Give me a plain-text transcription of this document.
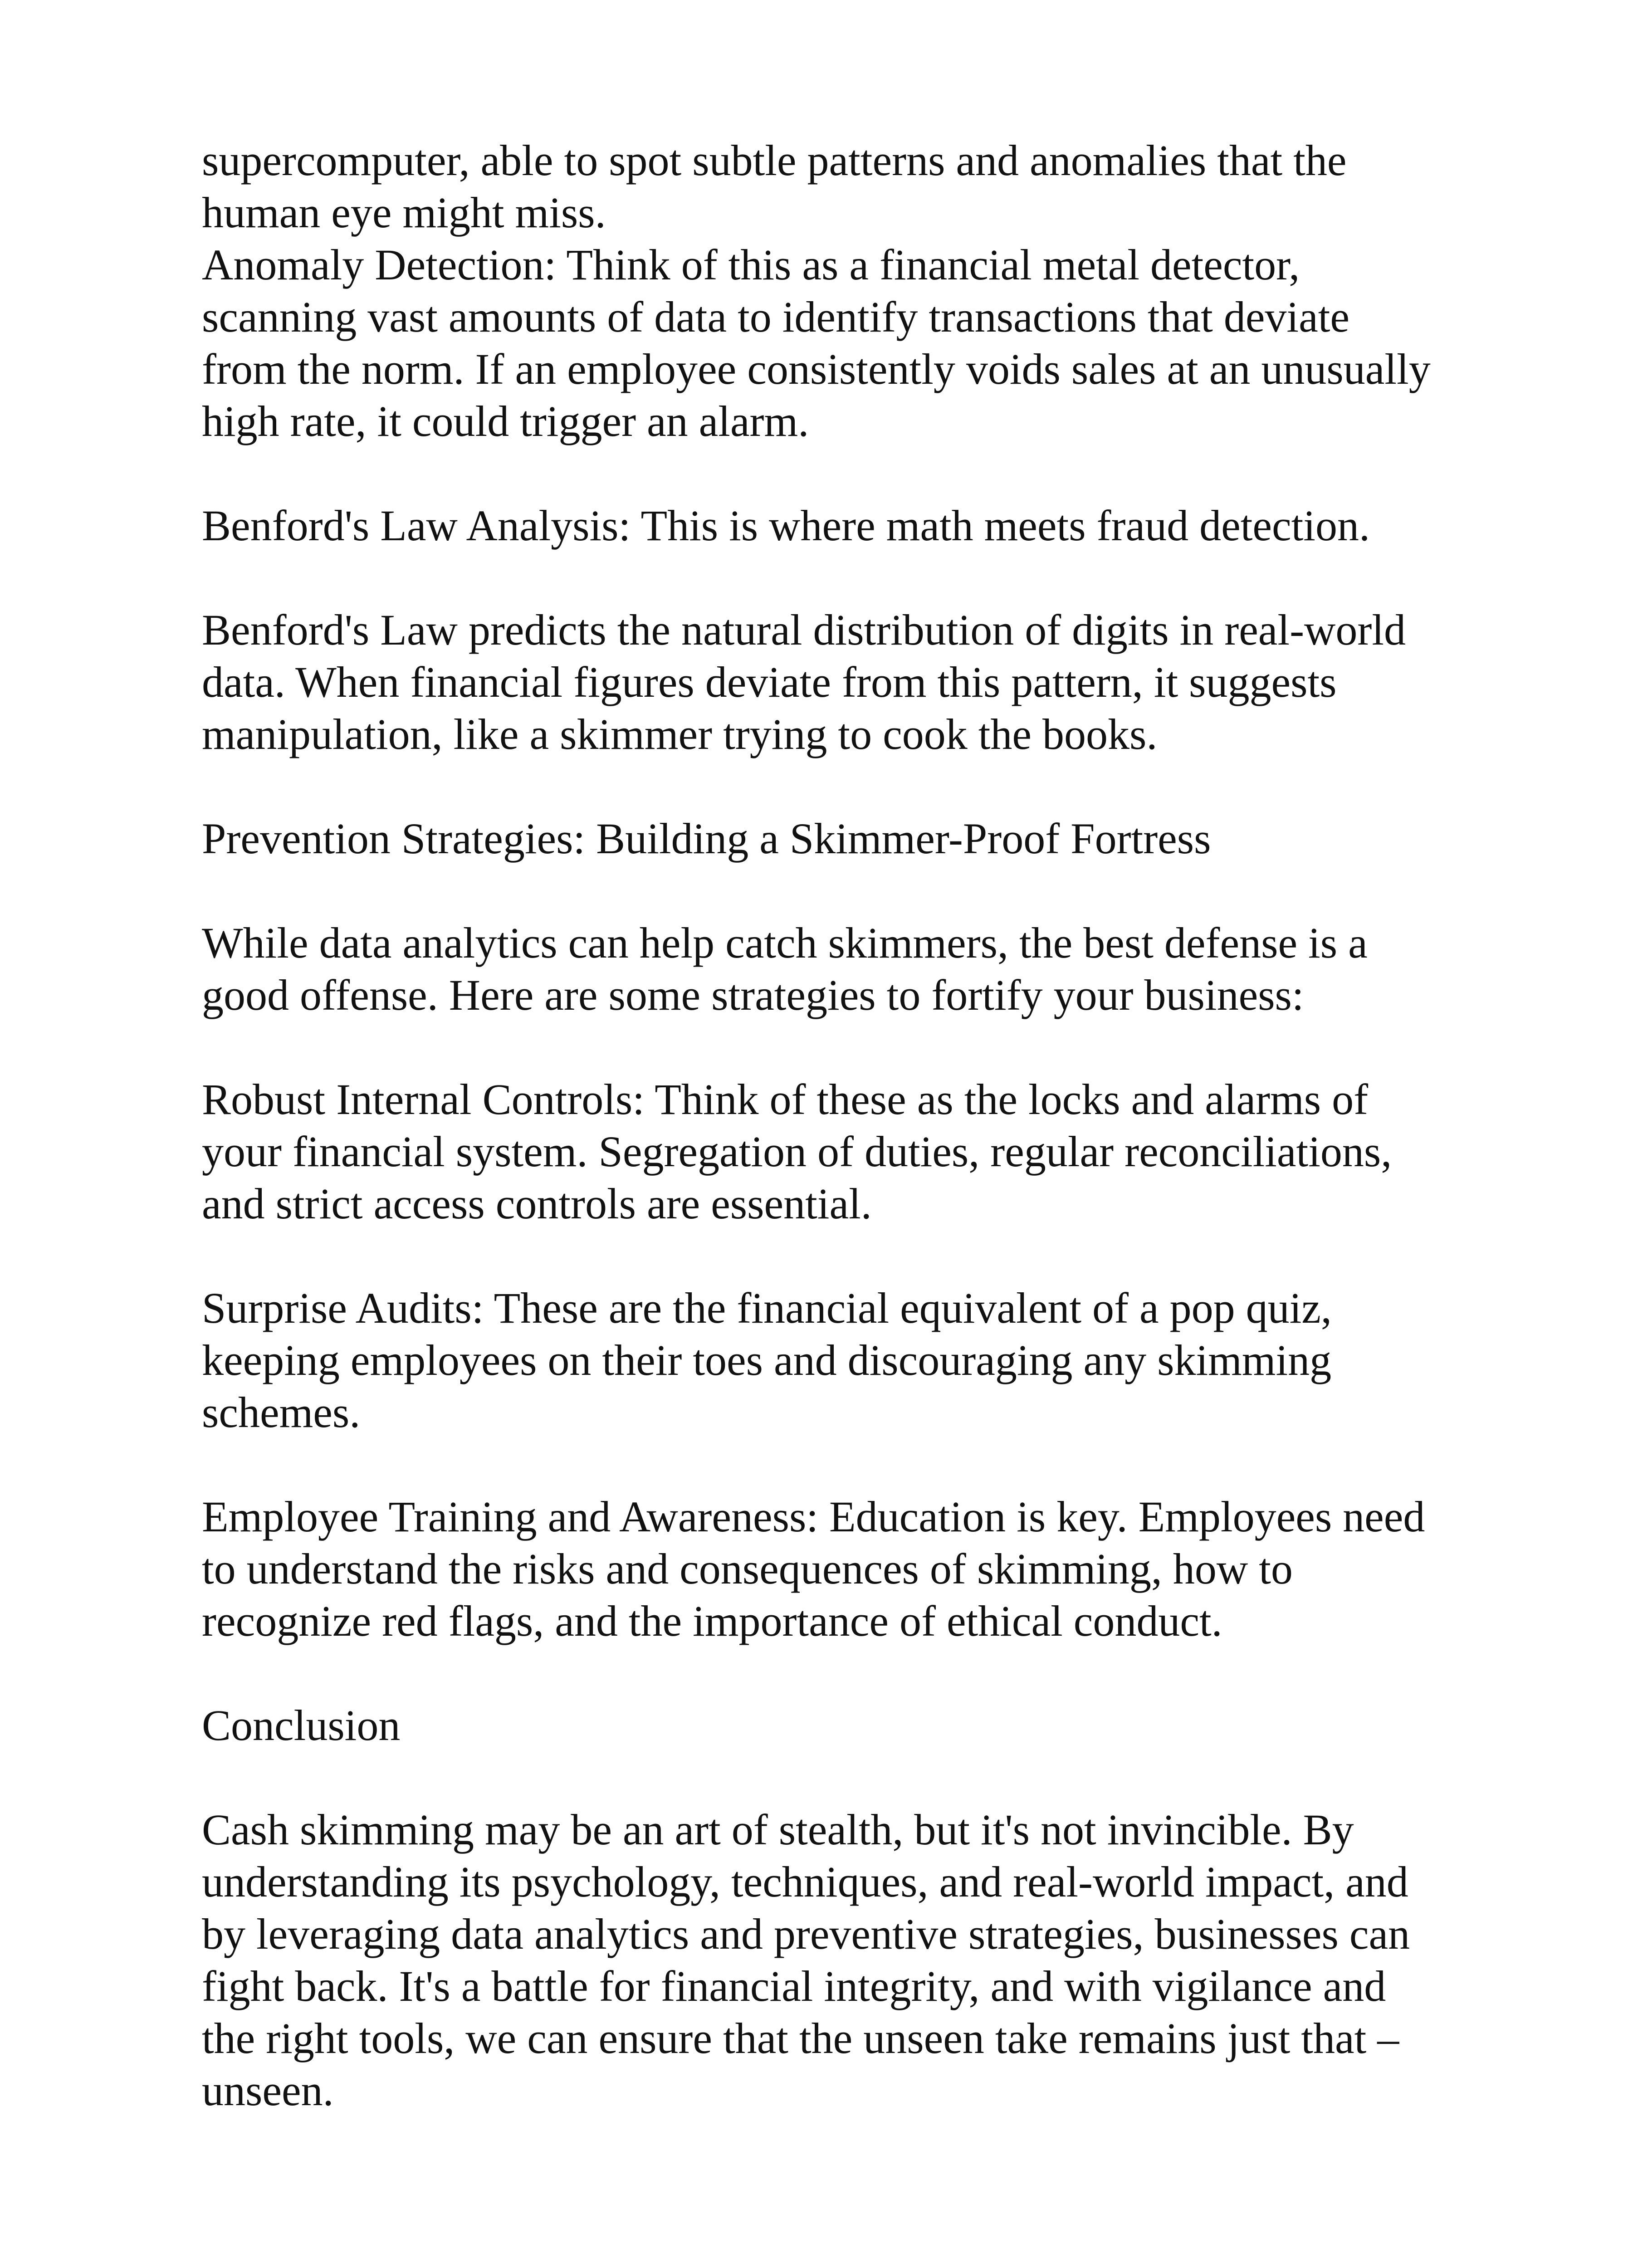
supercomputer, able to spot subtle patterns and anomalies that the
human eye might miss.

Anomaly Detection: Think of this as a financial metal detector,
scanning vast amounts of data to identify transactions that deviate
from the norm. If an employee consistently voids sales at an unusually
high rate, it could trigger an alarm.

Benford's Law Analysis: This is where math meets fraud detection.

Benford's Law predicts the natural distribution of digits in real-world
data. When financial figures deviate from this pattern, it suggests
manipulation, like a skimmer trying to cook the books.

Prevention Strategies: Building a Skimmer-Proof Fortress

While data analytics can help catch skimmers, the best defense is a
good offense. Here are some strategies to fortify your business:

Robust Internal Controls: Think of these as the locks and alarms of
your financial system. Segregation of duties, regular reconciliations,
and strict access controls are essential.

Surprise Audits: These are the financial equivalent of a pop quiz,
keeping employees on their toes and discouraging any skimming
schemes.

Employee Training and Awareness: Education is key. Employees need
to understand the risks and consequences of skimming, how to
recognize red flags, and the importance of ethical conduct.

Conclusion

Cash skimming may be an art of stealth, but it's not invincible. By
understanding its psychology, techniques, and real-world impact, and
by leveraging data analytics and preventive strategies, businesses can
fight back. It's a battle for financial integrity, and with vigilance and
the right tools, we can ensure that the unseen take remains just that –
unseen.
